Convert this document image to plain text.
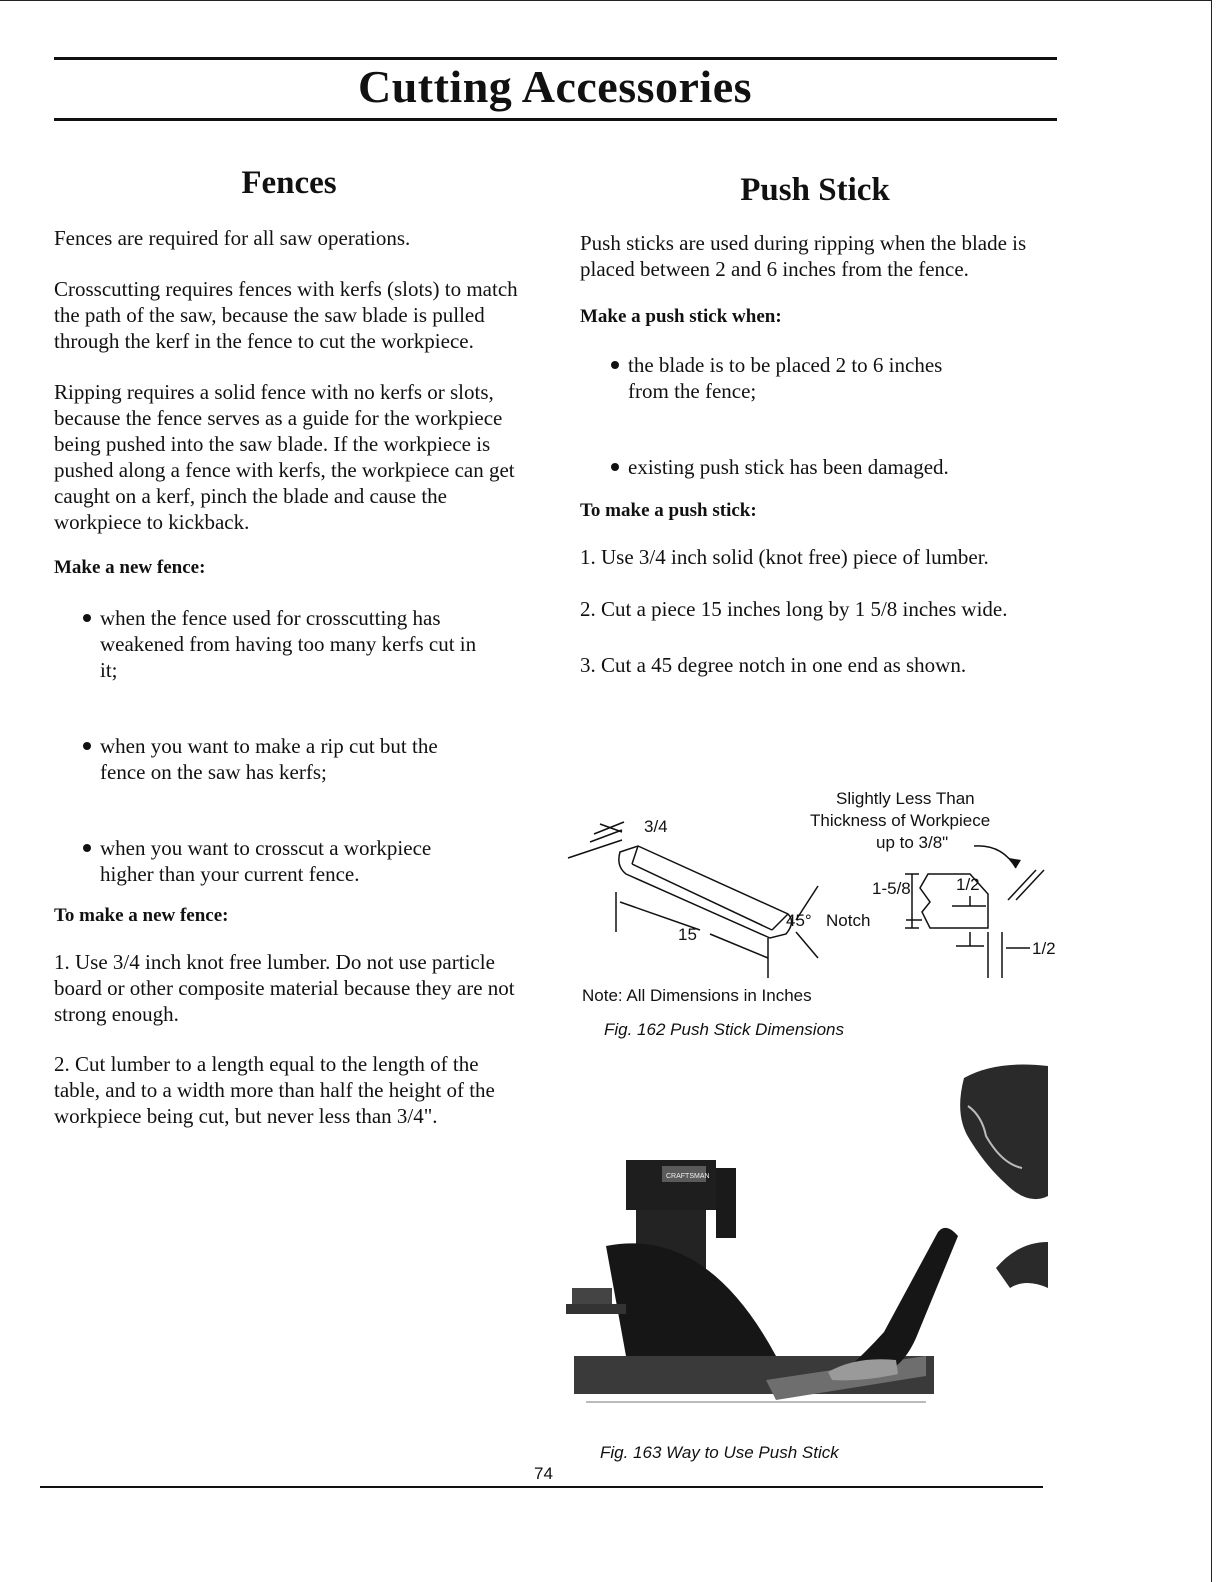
Cutting Accessories
Fences

Fences are required for all saw operations.

Crosscutting requires fences with kerfs (slots) to match the path of the saw, because the saw blade is pulled through the kerf in the fence to cut the workpiece.

Ripping requires a solid fence with no kerfs or slots, because the fence serves as a guide for the workpiece being pushed into the saw blade. If the workpiece is pushed along a fence with kerfs, the workpiece can get caught on a kerf, pinch the blade and cause the workpiece to kickback.

Make a new fence:

when the fence used for crosscutting has weakened from having too many kerfs cut in it;
when you want to make a rip cut but the fence on the saw has kerfs;
when you want to crosscut a workpiece higher than your current fence.

To make a new fence:

1. Use 3/4 inch knot free lumber. Do not use particle board or other composite material because they are not strong enough.

2. Cut lumber to a length equal to the length of the table, and to a width more than half the height of the workpiece being cut, but never less than 3/4".

Push Stick

Push sticks are used during ripping when the blade is placed between 2 and 6 inches from the fence.

Make a push stick when:

the blade is to be placed 2 to 6 inches from the fence;
existing push stick has been damaged.

To make a push stick:

1. Use 3/4 inch solid (knot free) piece of lumber.

2. Cut a piece 15 inches long by 1 5/8 inches wide.

3. Cut a 45 degree notch in one end as shown.

3/4
15
1-5/8
45° Notch
1/2
1/2
Slightly Less Than
Thickness of Workpiece
up to 3/8"
Note: All Dimensions in Inches
Fig. 162 Push Stick Dimensions
CRAFTSMAN
Fig. 163 Way to Use Push Stick
74
